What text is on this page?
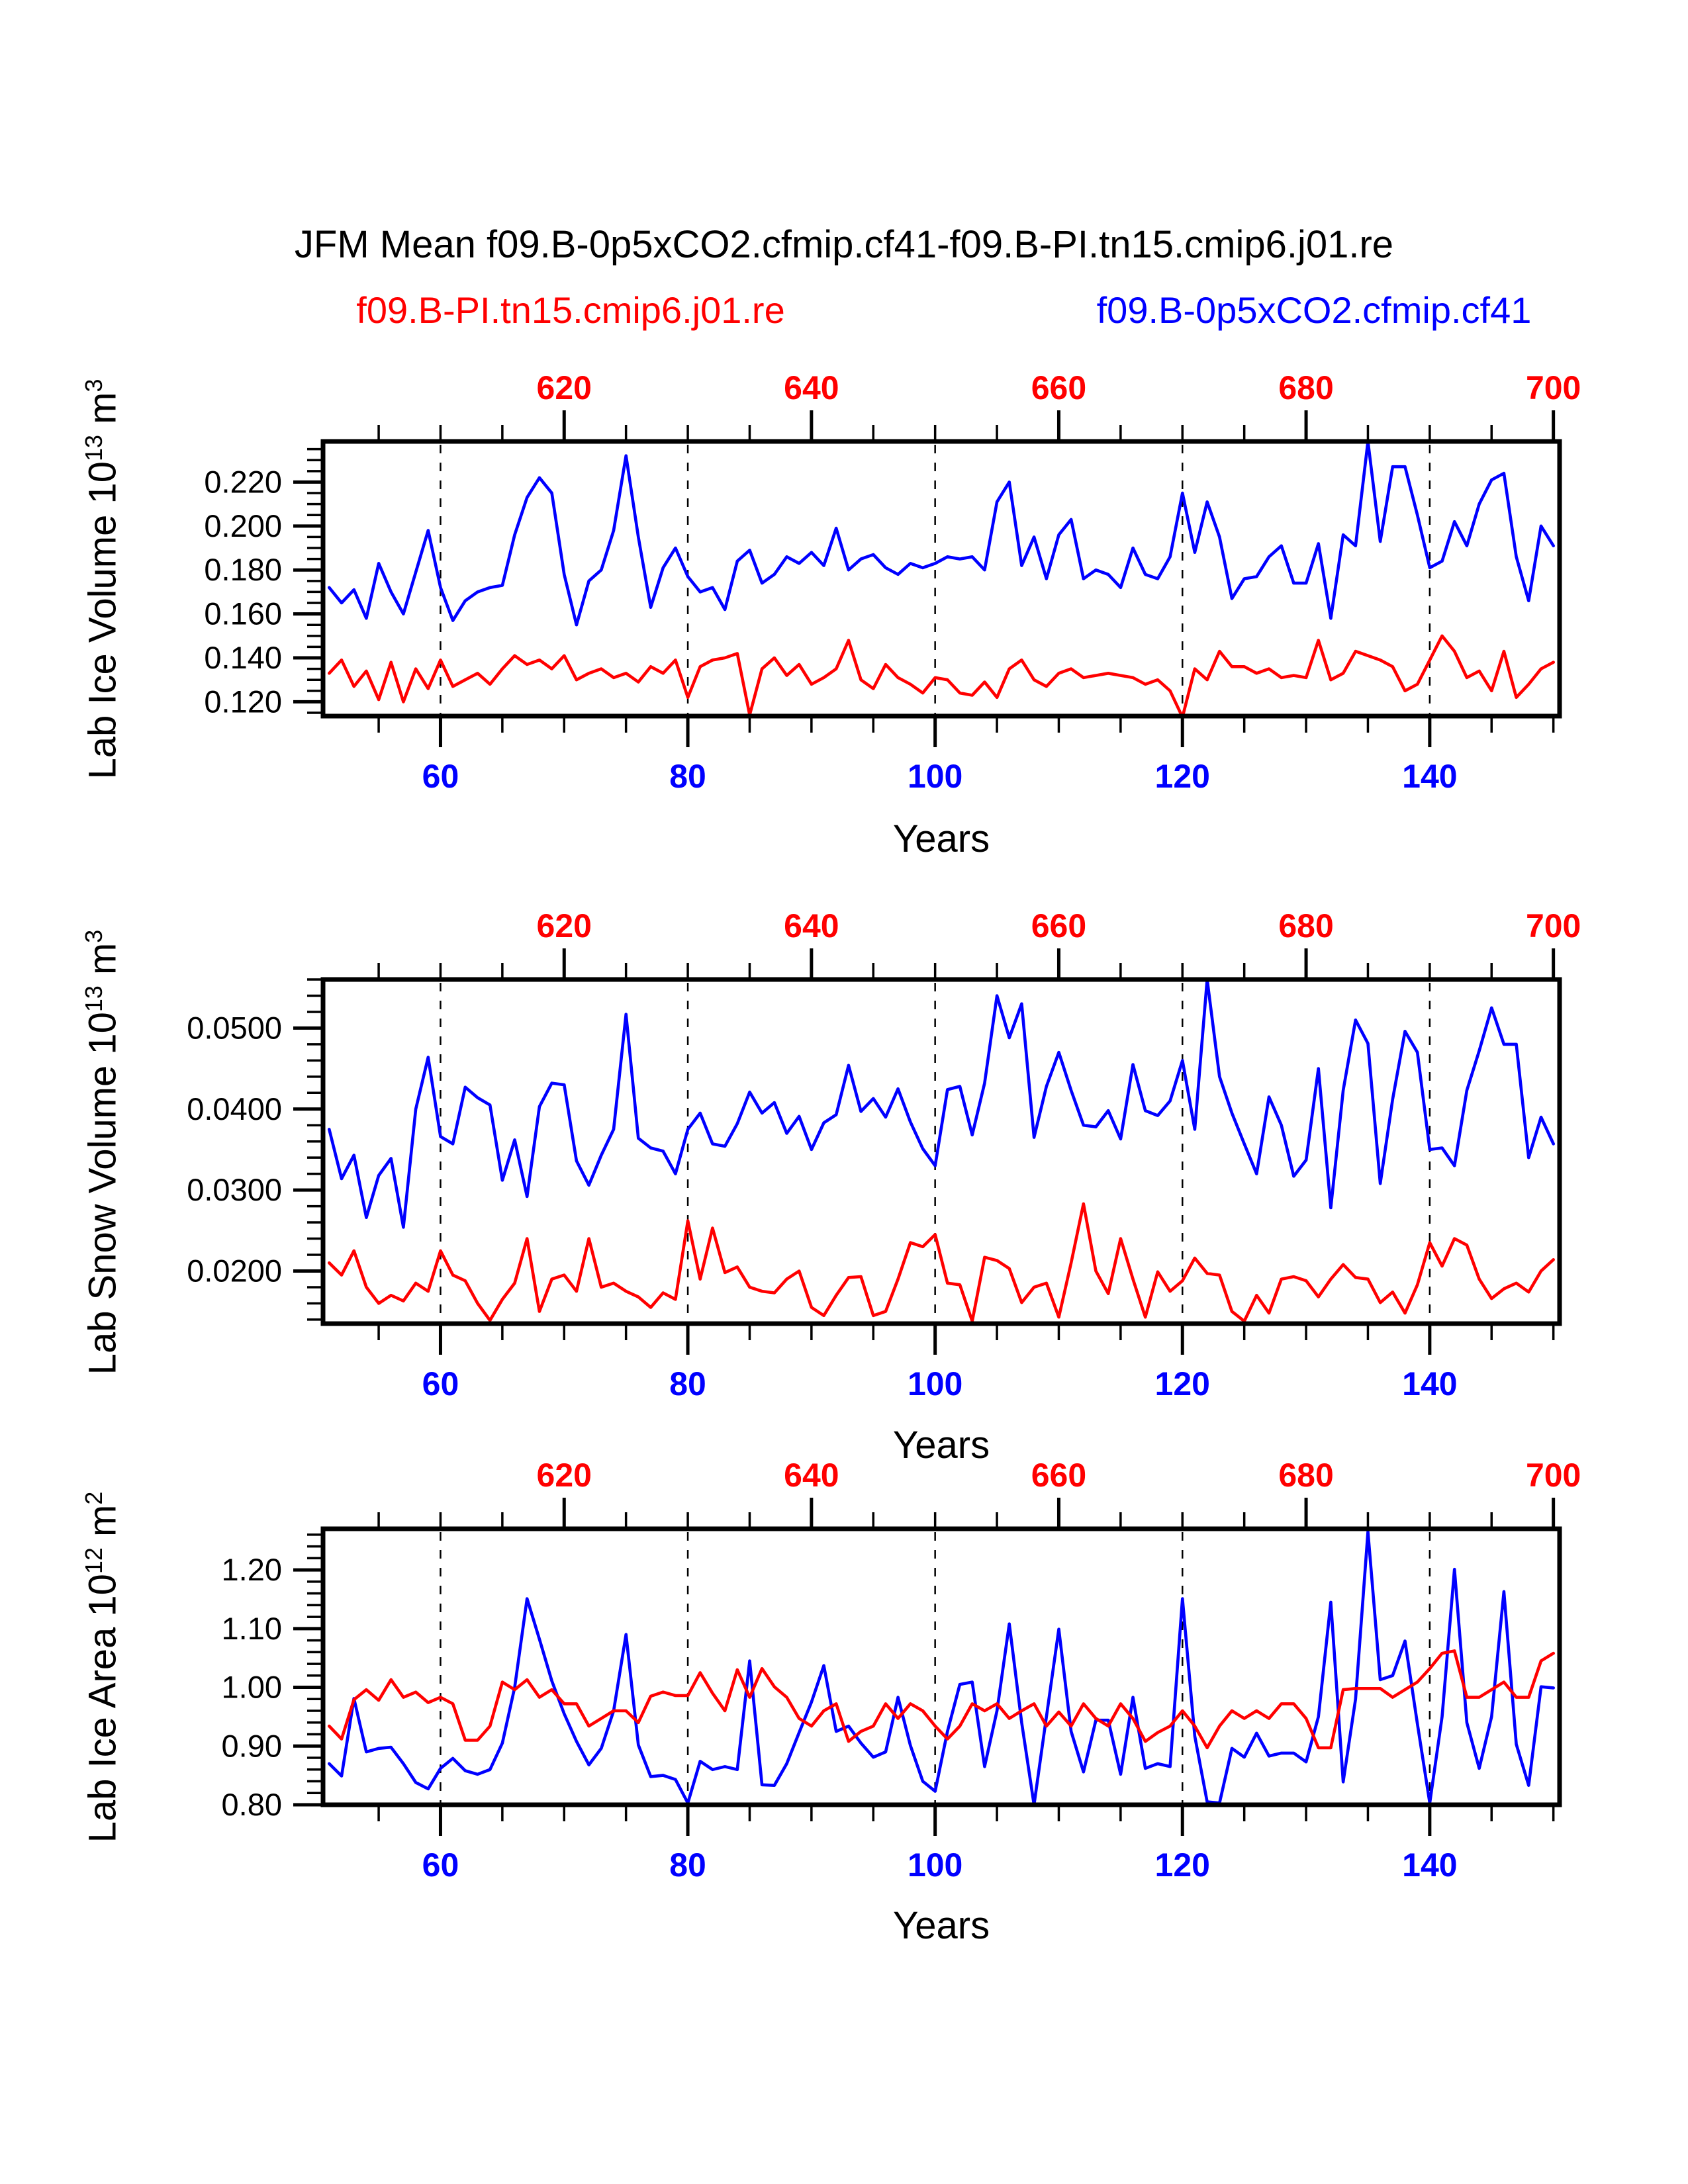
JFM Mean f09.B-0p5xCO2.cfmip.cf41-f09.B-PI.tn15.cmip6.j01.re
f09.B-PI.tn15.cmip6.j01.re	f09.B-0p5xCO2.cfmip.cf41
60	80	100	120	140
620	640	660	680	700
0.120
0.140
0.160
0.180
0.200
0.220
60	80	100	120	140
620	640	660	680	700
0.0200
0.0300
0.0400
0.0500
60	80	100	120	140
620	640	660	680	700
0.80
0.90
1.00
1.10
1.20
Lab Ice Volume $10^{13}$ $m^3$
Lab Snow Volume $10^{13}$ $m^3$
Lab Ice Area $10^{12}$ $m^2$
Years
Years
Years
